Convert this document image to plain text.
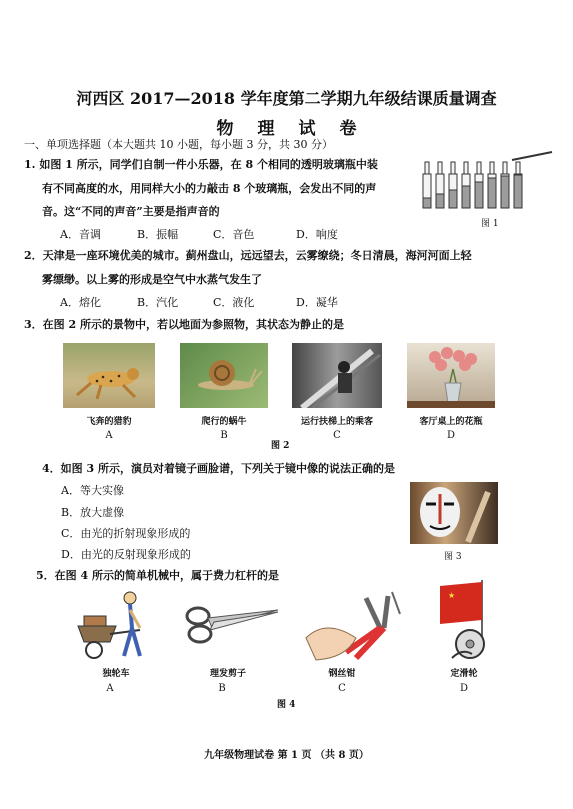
河西区 2017—2018 学年度第二学期九年级结课质量调查
物理试卷
一、单项选择题（本大题共 10 小题，每小题 3 分，共 30 分）
1. 如图 1 所示，同学们自制一件小乐器，在 8 个相同的透明玻璃瓶中装
有不同高度的水，用同样大小的力敲击 8 个玻璃瓶，会发出不同的声
音。这“不同的声音”主要是指声音的
A．音调	B．振幅	C．音色	D．响度
图 1
2．天津是一座环境优美的城市。蓟州盘山，远远望去，云雾缭绕；冬日清晨，海河河面上轻
雾缥缈。以上雾的形成是空气中水蒸气发生了
A．熔化	B．汽化	C．液化	D．凝华
3．在图 2 所示的景物中，若以地面为参照物，其状态为静止的是
飞奔的猎豹	爬行的蜗牛	运行扶梯上的乘客	客厅桌上的花瓶
A	B	C	D
图 2
4．如图 3 所示，演员对着镜子画脸谱，下列关于镜中像的说法正确的是
A．等大实像
B．放大虚像
C．由光的折射现象形成的
D．由光的反射现象形成的	图 3
5．在图 4 所示的简单机械中，属于费力杠杆的是
★
独轮车	理发剪子	钢丝钳	定滑轮
A	B	C	D
图 4
九年级物理试卷 第 1 页 （共 8 页）
